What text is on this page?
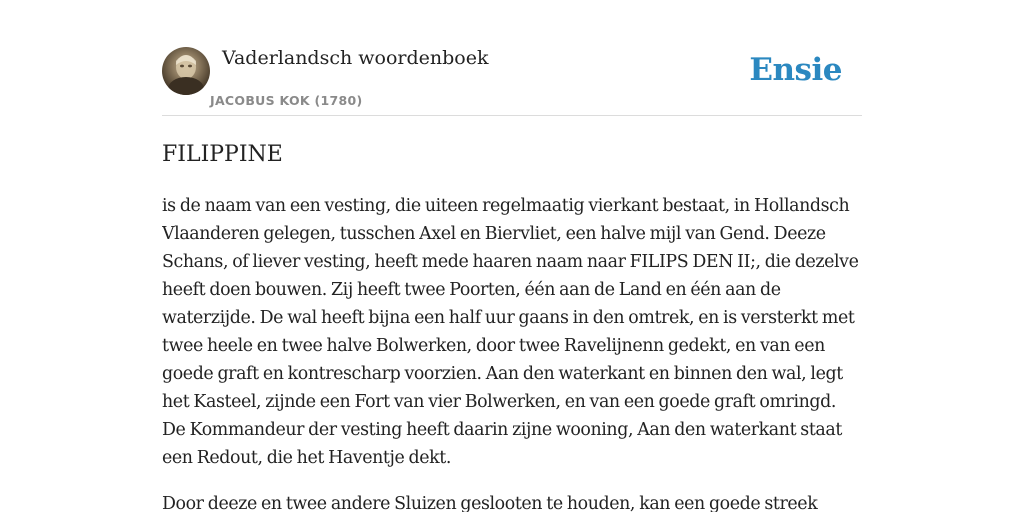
Vaderlandsch woordenboek
JACOBUS KOK (1780)
Ensie
FILIPPINE
is de naam van een vesting, die uiteen regelmaatig vierkant bestaat, in Hollandsch
Vlaanderen gelegen, tusschen Axel en Biervliet, een halve mijl van Gend. Deeze
Schans, of liever vesting, heeft mede haaren naam naar FILIPS DEN II;, die dezelve
heeft doen bouwen. Zij heeft twee Poorten, één aan de Land en één aan de
waterzijde. De wal heeft bijna een half uur gaans in den omtrek, en is versterkt met
twee heele en twee halve Bolwerken, door twee Ravelijnenn gedekt, en van een
goede graft en kontrescharp voorzien. Aan den waterkant en binnen den wal, legt
het Kasteel, zijnde een Fort van vier Bolwerken, en van een goede graft omringd.
De Kommandeur der vesting heeft daarin zijne wooning, Aan den waterkant staat
een Redout, die het Haventje dekt.
Door deeze en twee andere Sluizen geslooten te houden, kan een goede streek
